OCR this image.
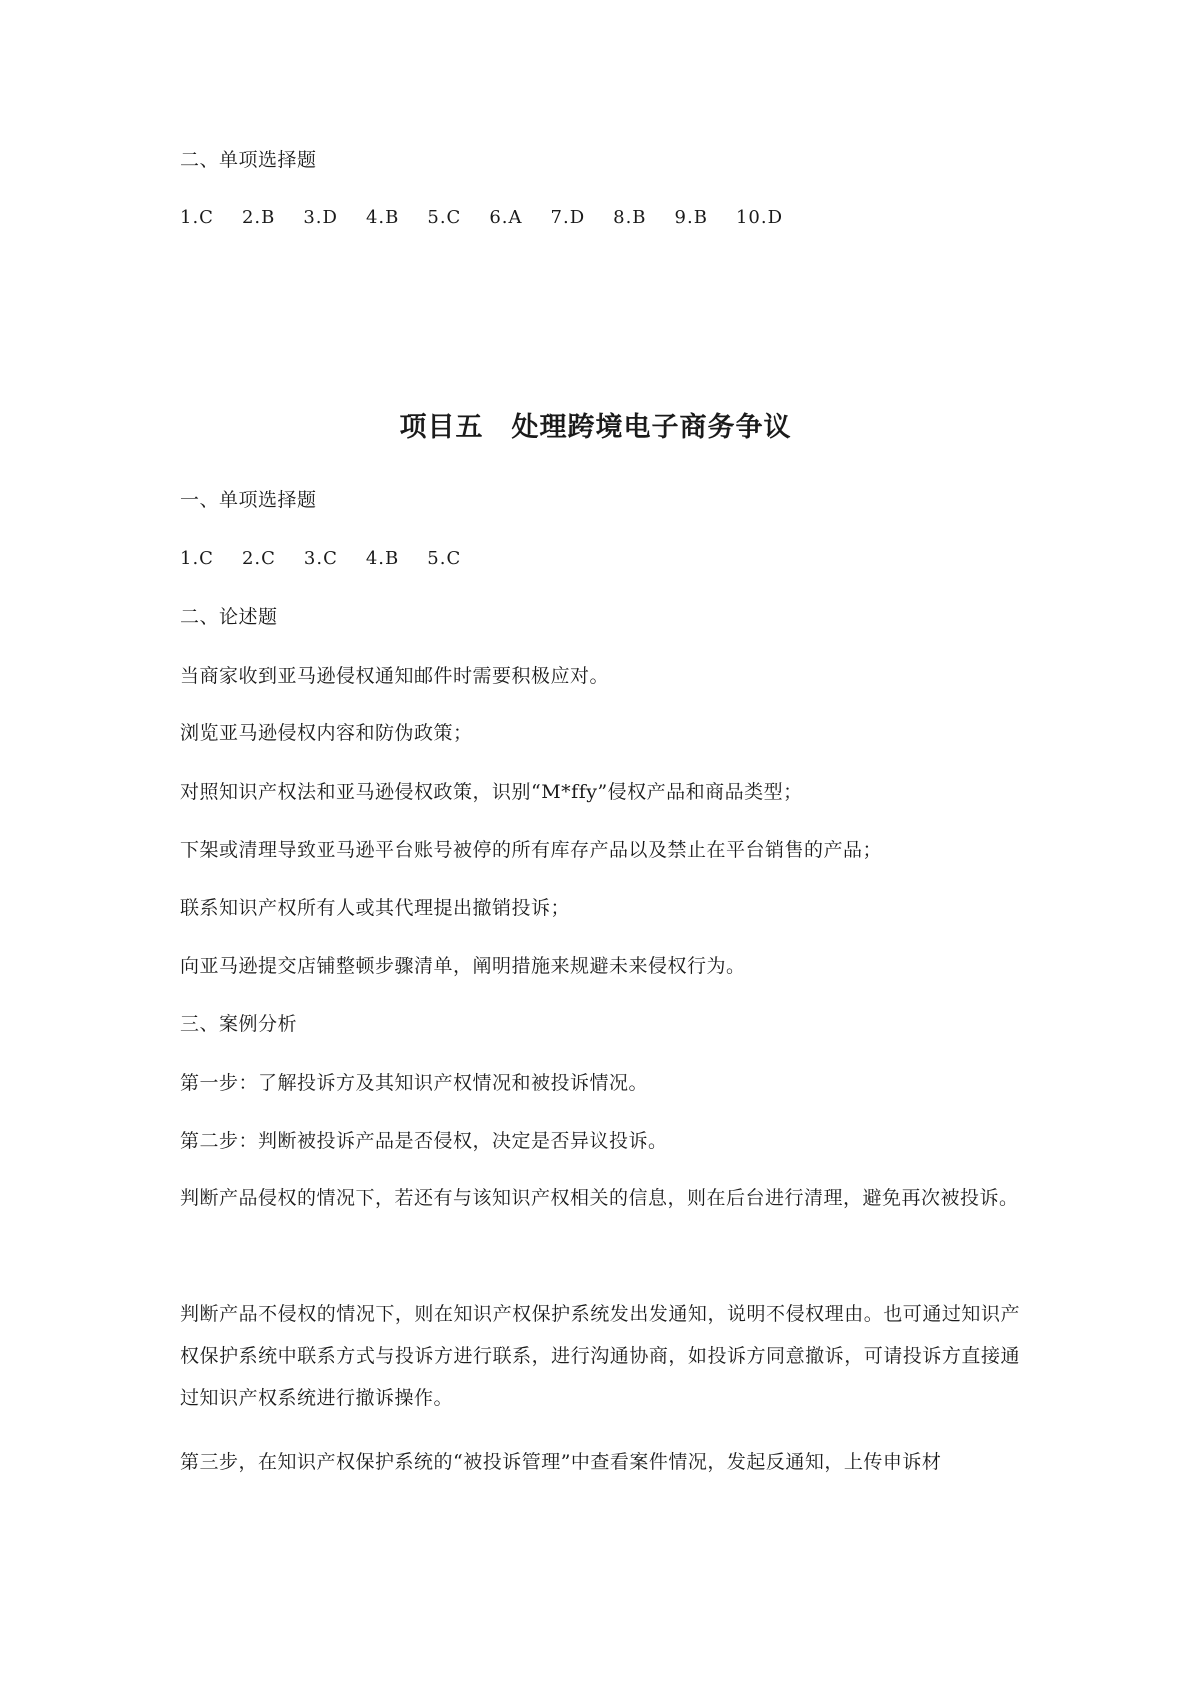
二、单项选择题
1.C 2.B 3.D 4.B 5.C 6.A 7.D 8.B 9.B 10.D
项目五　处理跨境电子商务争议
一、单项选择题
1.C 2.C 3.C 4.B 5.C
二、论述题
当商家收到亚马逊侵权通知邮件时需要积极应对。
浏览亚马逊侵权内容和防伪政策；
对照知识产权法和亚马逊侵权政策，识别“M*ffy”侵权产品和商品类型；
下架或清理导致亚马逊平台账号被停的所有库存产品以及禁止在平台销售的产品；
联系知识产权所有人或其代理提出撤销投诉；
向亚马逊提交店铺整顿步骤清单，阐明措施来规避未来侵权行为。
三、案例分析
第一步：了解投诉方及其知识产权情况和被投诉情况。
第二步：判断被投诉产品是否侵权，决定是否异议投诉。
判断产品侵权的情况下，若还有与该知识产权相关的信息，则在后台进行清理，避免再次被投诉。
判断产品不侵权的情况下，则在知识产权保护系统发出发通知，说明不侵权理由。也可通过知识产权保护系统中联系方式与投诉方进行联系，进行沟通协商，如投诉方同意撤诉，可请投诉方直接通过知识产权系统进行撤诉操作。
第三步，在知识产权保护系统的“被投诉管理”中查看案件情况，发起反通知，上传申诉材
